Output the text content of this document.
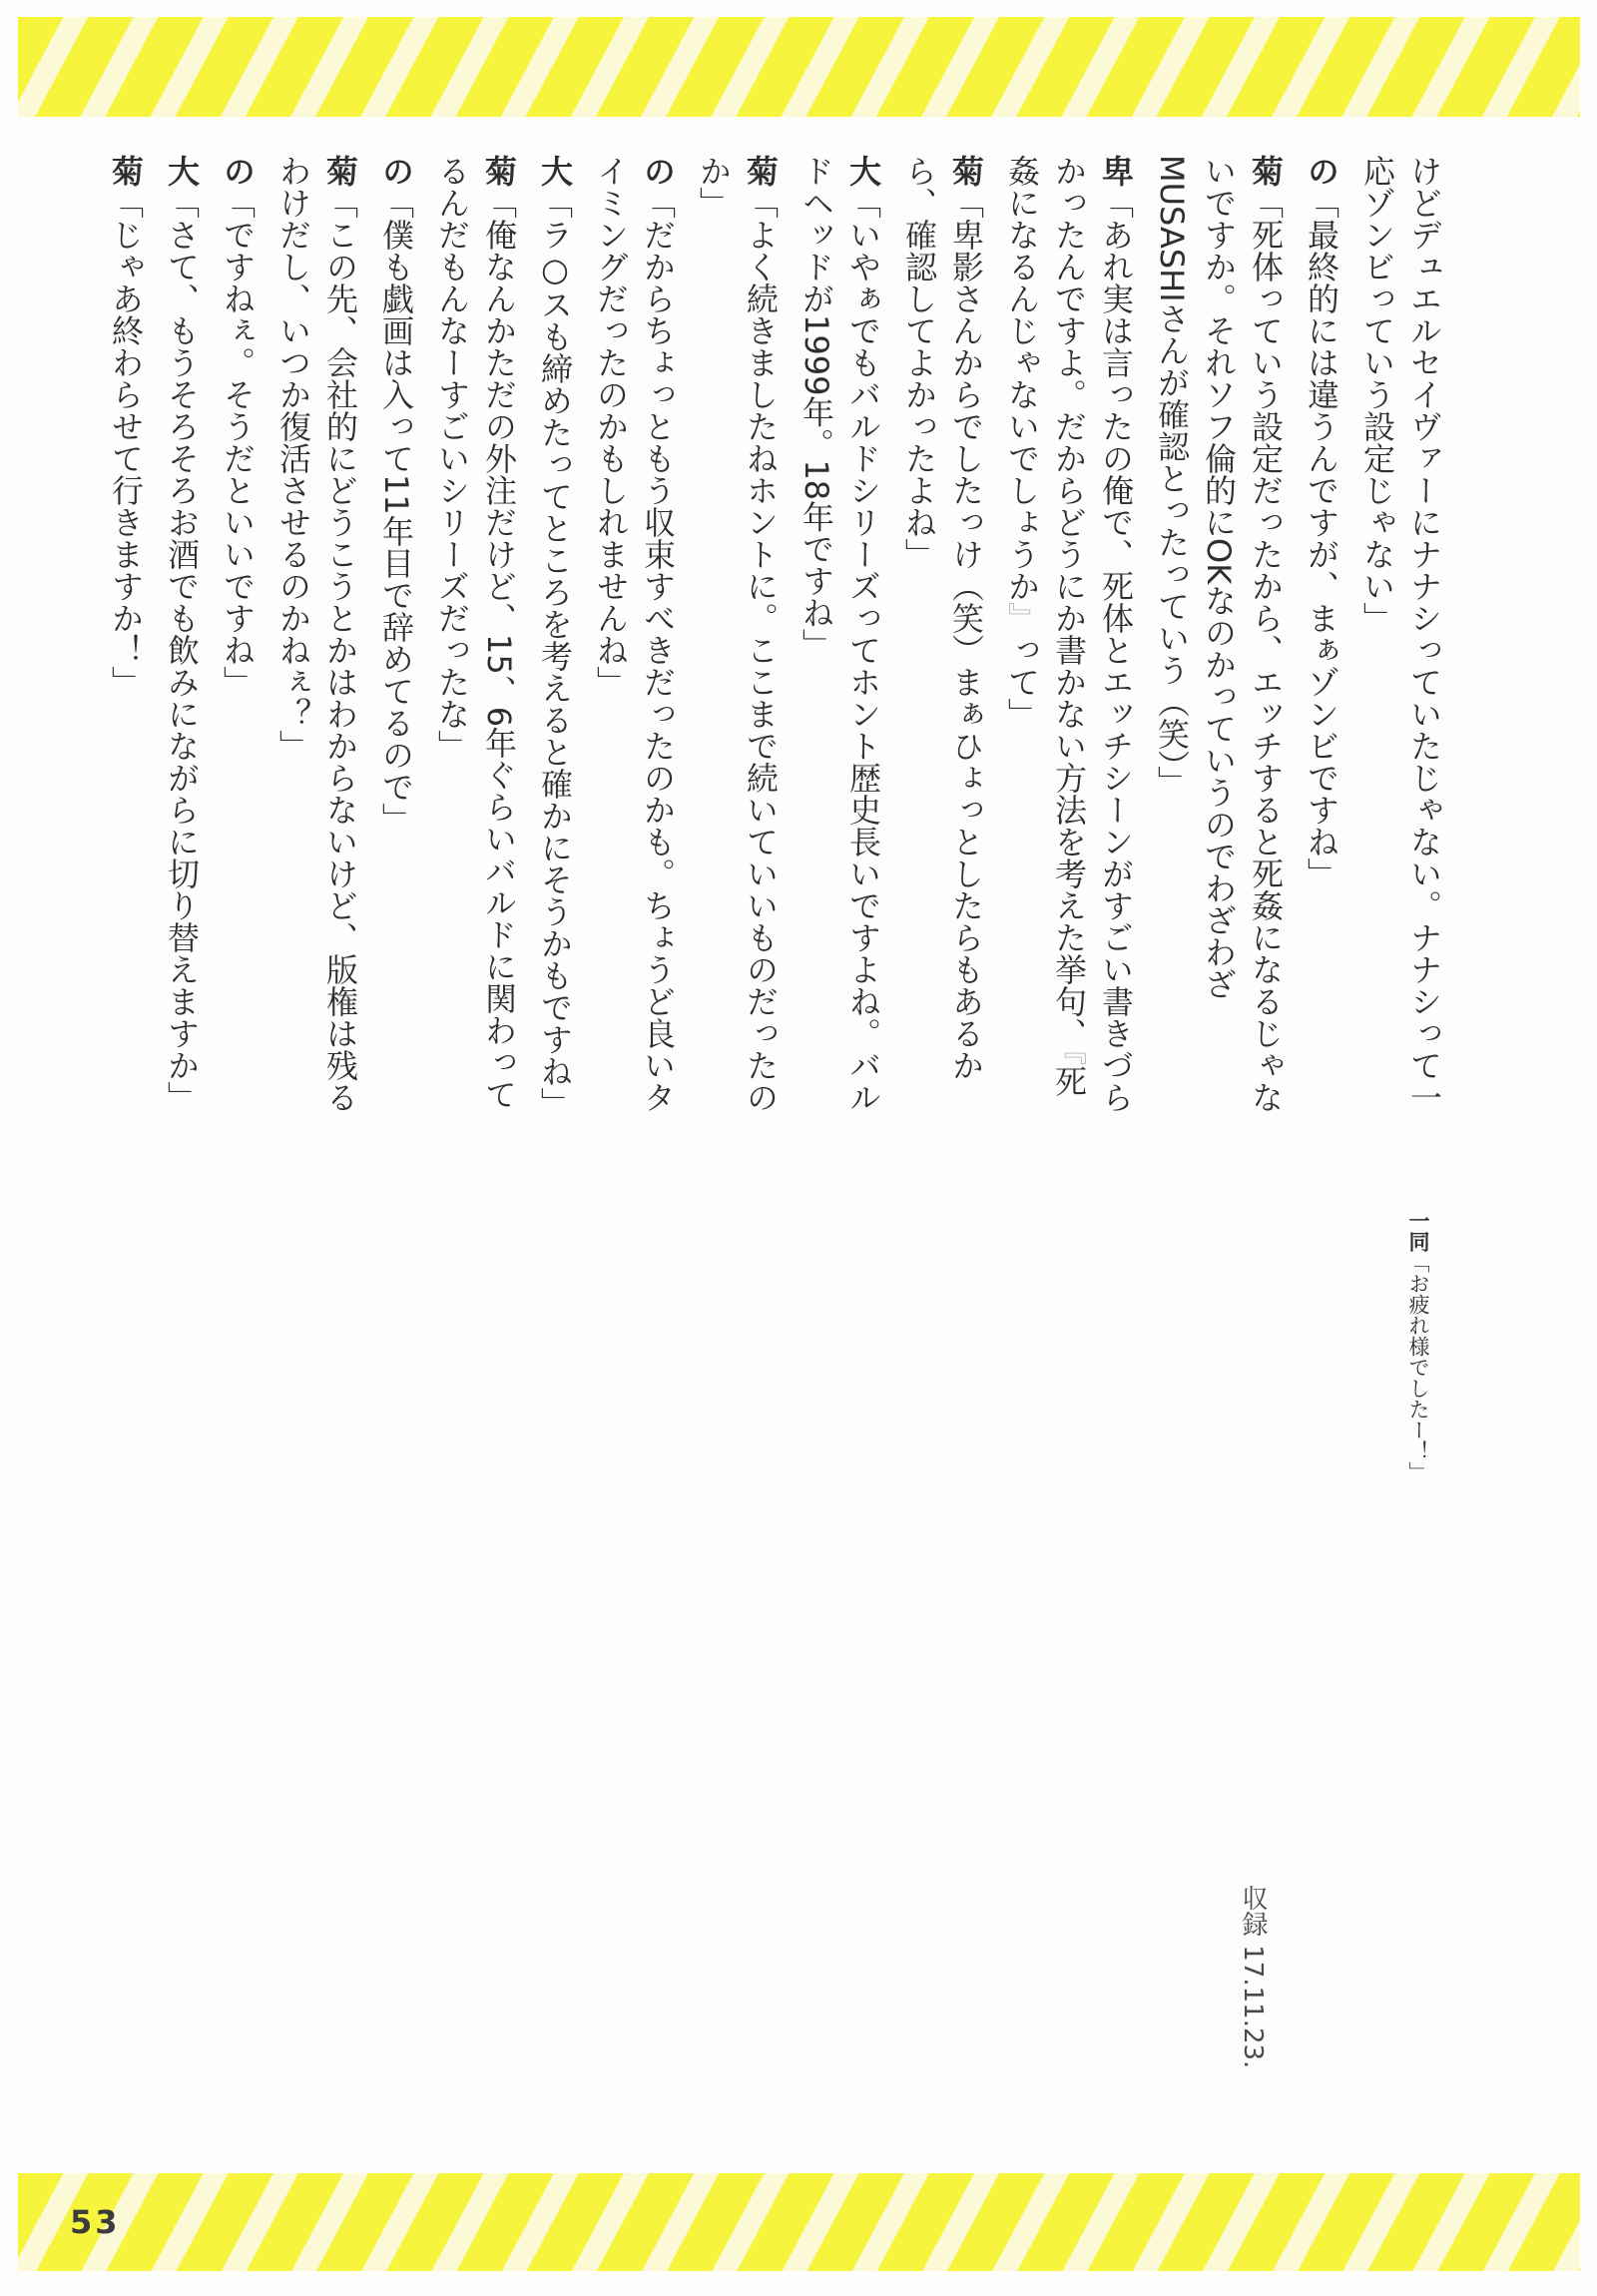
けどデュエルセイヴァーにナナシっていたじゃない。ナナシって一応ゾンビっていう設定じゃない」

の「最終的には違うんですが、まぁゾンビですね」

菊「死体っていう設定だったから、エッチすると死姦になるじゃないですか。それソフ倫的にOKなのかっていうのでわざわざMUSASHIさんが確認とったっていう（笑）」

卑「あれ実は言ったの俺で、死体とエッチシーンがすごい書きづらかったんですよ。だからどうにか書かない方法を考えた挙句、『死姦になるんじゃないでしょうか』って」

菊「卑影さんからでしたっけ（笑）まぁひょっとしたらもあるから、確認してよかったよね」

大「いやぁでもバルドシリーズってホント歴史長いですよね。バルドヘッドが1999年。18年ですね」

菊「よく続きましたねホントに。ここまで続いていいものだったのか」

の「だからちょっともう収束すべきだったのかも。ちょうど良いタイミングだったのかもしれませんね」

大「ラ○スも締めたってところを考えると確かにそうかもですね」

菊「俺なんかただの外注だけど、15、6年ぐらいバルドに関わってるんだもんなーすごいシリーズだったな」

の「僕も戯画は入って11年目で辞めてるので」

菊「この先、会社的にどうこうとかはわからないけど、版権は残るわけだし、いつか復活させるのかねぇ？」

の「ですねぇ。そうだといいですね」

大「さて、もうそろそろお酒でも飲みにながらに切り替えますか」

菊「じゃあ終わらせて行きますか！」

一同「お疲れ様でしたー！」
収録 17.11.23.
53
